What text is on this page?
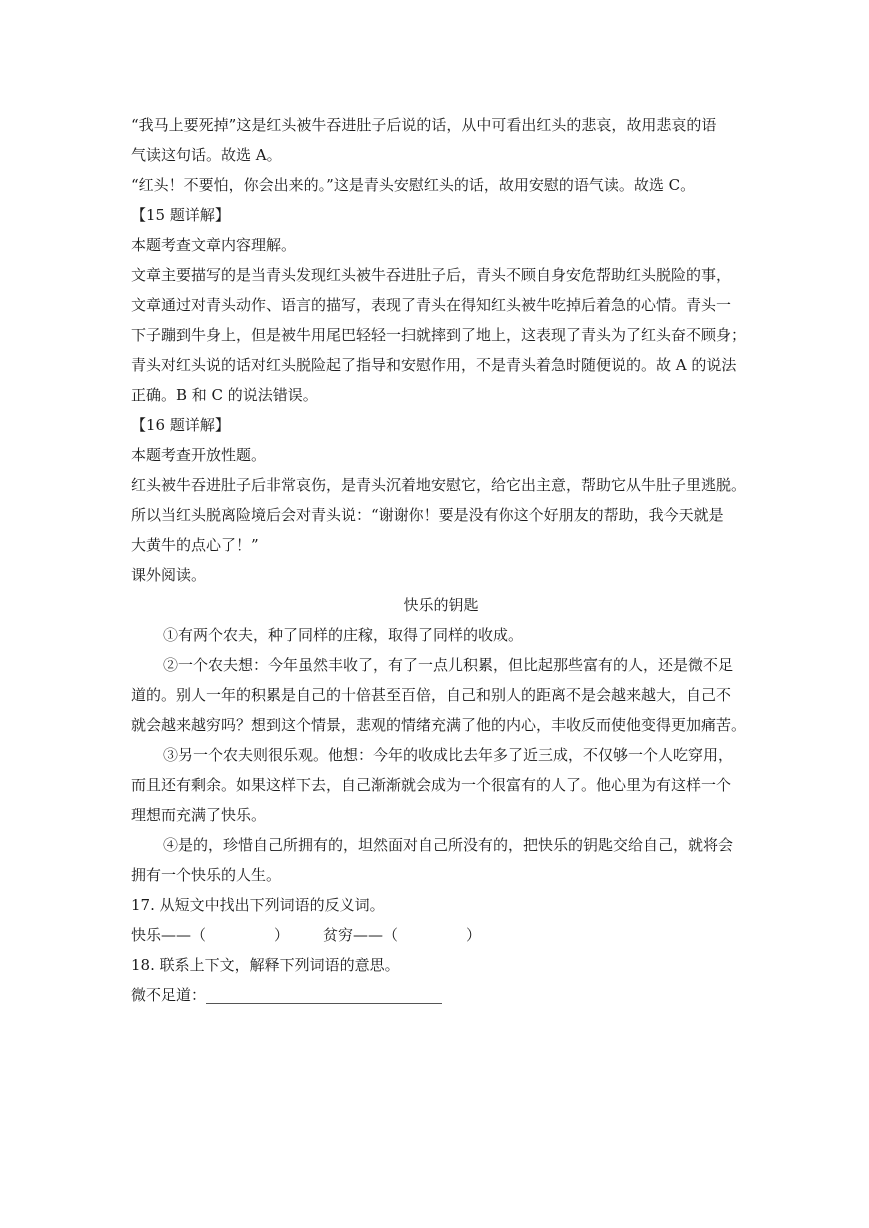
“我马上要死掉”这是红头被牛吞进肚子后说的话，从中可看出红头的悲哀，故用悲哀的语
气读这句话。故选 A。
“红头！不要怕，你会出来的。”这是青头安慰红头的话，故用安慰的语气读。故选 C。
【15 题详解】
本题考查文章内容理解。
文章主要描写的是当青头发现红头被牛吞进肚子后，青头不顾自身安危帮助红头脱险的事，
文章通过对青头动作、语言的描写，表现了青头在得知红头被牛吃掉后着急的心情。青头一
下子蹦到牛身上，但是被牛用尾巴轻轻一扫就摔到了地上，这表现了青头为了红头奋不顾身；
青头对红头说的话对红头脱险起了指导和安慰作用，不是青头着急时随便说的。故 A 的说法
正确。B 和 C 的说法错误。
【16 题详解】
本题考查开放性题。
红头被牛吞进肚子后非常哀伤，是青头沉着地安慰它，给它出主意，帮助它从牛肚子里逃脱。
所以当红头脱离险境后会对青头说：“谢谢你！要是没有你这个好朋友的帮助，我今天就是
大黄牛的点心了！”
课外阅读。
快乐的钥匙
①有两个农夫，种了同样的庄稼，取得了同样的收成。
②一个农夫想：今年虽然丰收了，有了一点儿积累，但比起那些富有的人，还是微不足
道的。别人一年的积累是自己的十倍甚至百倍，自己和别人的距离不是会越来越大，自己不
就会越来越穷吗？想到这个情景，悲观的情绪充满了他的内心，丰收反而使他变得更加痛苦。
③另一个农夫则很乐观。他想：今年的收成比去年多了近三成，不仅够一个人吃穿用，
而且还有剩余。如果这样下去，自己渐渐就会成为一个很富有的人了。他心里为有这样一个
理想而充满了快乐。
④是的，珍惜自己所拥有的，坦然面对自己所没有的，把快乐的钥匙交给自己，就将会
拥有一个快乐的人生。
17. 从短文中找出下列词语的反义词。
快乐——（	） 贫穷——（	）
18. 联系上下文，解释下列词语的意思。
微不足道：
